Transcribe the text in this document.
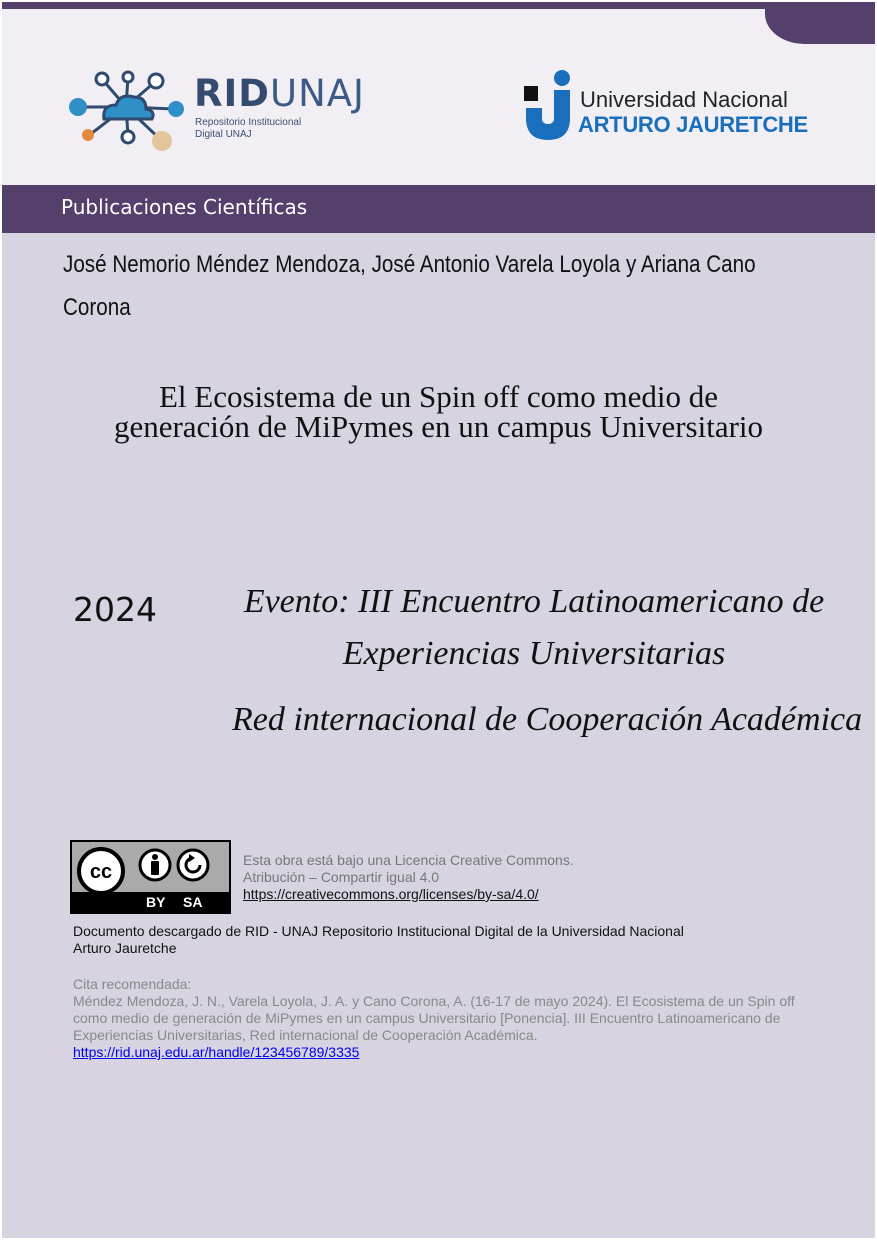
RIDUNAJ
Repositorio Institucional
Digital UNAJ
Universidad Nacional
ARTURO JAURETCHE
Publicaciones Científicas
José Nemorio Méndez Mendoza, José Antonio Varela Loyola y Ariana Cano Corona
El Ecosistema de un Spin off como medio de
generación de MiPymes en un campus Universitario
2024	Evento: III Encuentro Latinoamericano de
Experiencias Universitarias
Red internacional de Cooperación Académica
cc
BY SA
Esta obra está bajo una Licencia Creative Commons.
Atribución – Compartir igual 4.0
https://creativecommons.org/licenses/by-sa/4.0/
Documento descargado de RID - UNAJ Repositorio Institucional Digital de la Universidad Nacional Arturo Jauretche
Cita recomendada:
Méndez Mendoza, J. N., Varela Loyola, J. A. y Cano Corona, A. (16-17 de mayo 2024). El Ecosistema de un Spin off como medio de generación de MiPymes en un campus Universitario [Ponencia]. III Encuentro Latinoamericano de Experiencias Universitarias, Red internacional de Cooperación Académica.
https://rid.unaj.edu.ar/handle/123456789/3335
